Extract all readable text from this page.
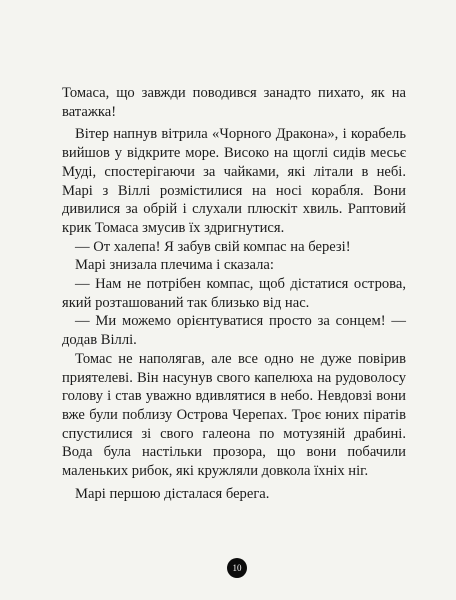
Томаса, що завжди поводився занадто пихато, як на ватажка!

Вітер напнув вітрила «Чорного Дракона», і корабель вийшов у відкрите море. Високо на щоглі сидів месьє Муді, спостерігаючи за чайками, які літали в небі. Марі з Віллі розмістилися на носі корабля. Вони дивилися за обрій і слухали плюскіт хвиль. Раптовий крик Томаса змусив їх здригнутися.

— От халепа! Я забув свій компас на березі!

Марі знизала плечима і сказала:

— Нам не потрібен компас, щоб дістатися острова, який розташований так близько від нас.

— Ми можемо орієнтуватися просто за сонцем! — додав Віллі.

Томас не наполягав, але все одно не дуже повірив приятелеві. Він насунув свого капелюха на рудоволосу голову і став уважно вдивлятися в небо. Невдовзі вони вже були поблизу Острова Черепах. Троє юних піратів спустилися зі свого галеона по мотузяній драбині. Вода була настільки прозора, що вони побачили маленьких рибок, які кружляли довкола їхніх ніг.

Марі першою дісталася берега.

10
